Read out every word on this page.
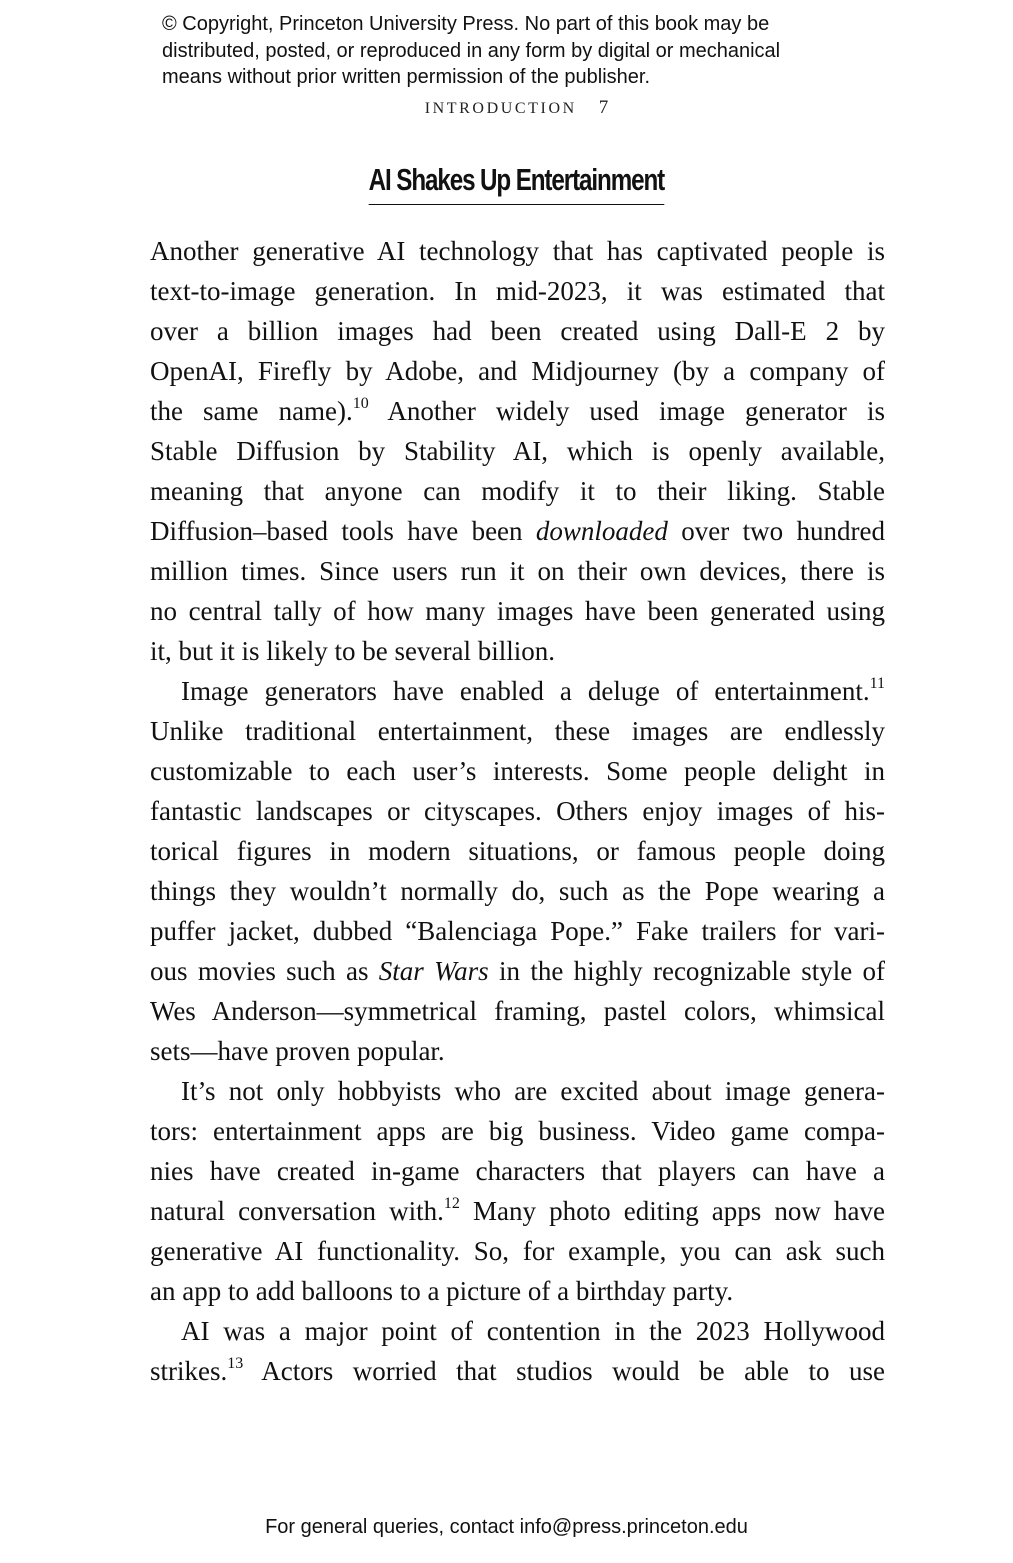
© Copyright, Princeton University Press. No part of this book may be
distributed, posted, or reproduced in any form by digital or mechanical
means without prior written permission of the publisher.
INTRODUCTION 7
AI Shakes Up Entertainment
Another generative AI technology that has captivated people is
text-to-image generation. In mid-2023, it was estimated that
over a billion images had been created using Dall-E 2 by
OpenAI, Firefly by Adobe, and Midjourney (by a company of
the same name).$^{10}$ Another widely used image generator is
Stable Diffusion by Stability AI, which is openly available,
meaning that anyone can modify it to their liking. Stable
Diffusion–based tools have been downloaded over two hundred
million times. Since users run it on their own devices, there is
no central tally of how many images have been generated using
it, but it is likely to be several billion.
Image generators have enabled a deluge of entertainment.$^{11}$
Unlike traditional entertainment, these images are endlessly
customizable to each user’s interests. Some people delight in
fantastic landscapes or cityscapes. Others enjoy images of his-
torical figures in modern situations, or famous people doing
things they wouldn’t normally do, such as the Pope wearing a
puffer jacket, dubbed “Balenciaga Pope.” Fake trailers for vari-
ous movies such as Star Wars in the highly recognizable style of
Wes Anderson—symmetrical framing, pastel colors, whimsical
sets—have proven popular.
It’s not only hobbyists who are excited about image genera-
tors: entertainment apps are big business. Video game compa-
nies have created in-game characters that players can have a
natural conversation with.$^{12}$ Many photo editing apps now have
generative AI functionality. So, for example, you can ask such
an app to add balloons to a picture of a birthday party.
AI was a major point of contention in the 2023 Hollywood
strikes.$^{13}$ Actors worried that studios would be able to use
For general queries, contact info@press.princeton.edu
